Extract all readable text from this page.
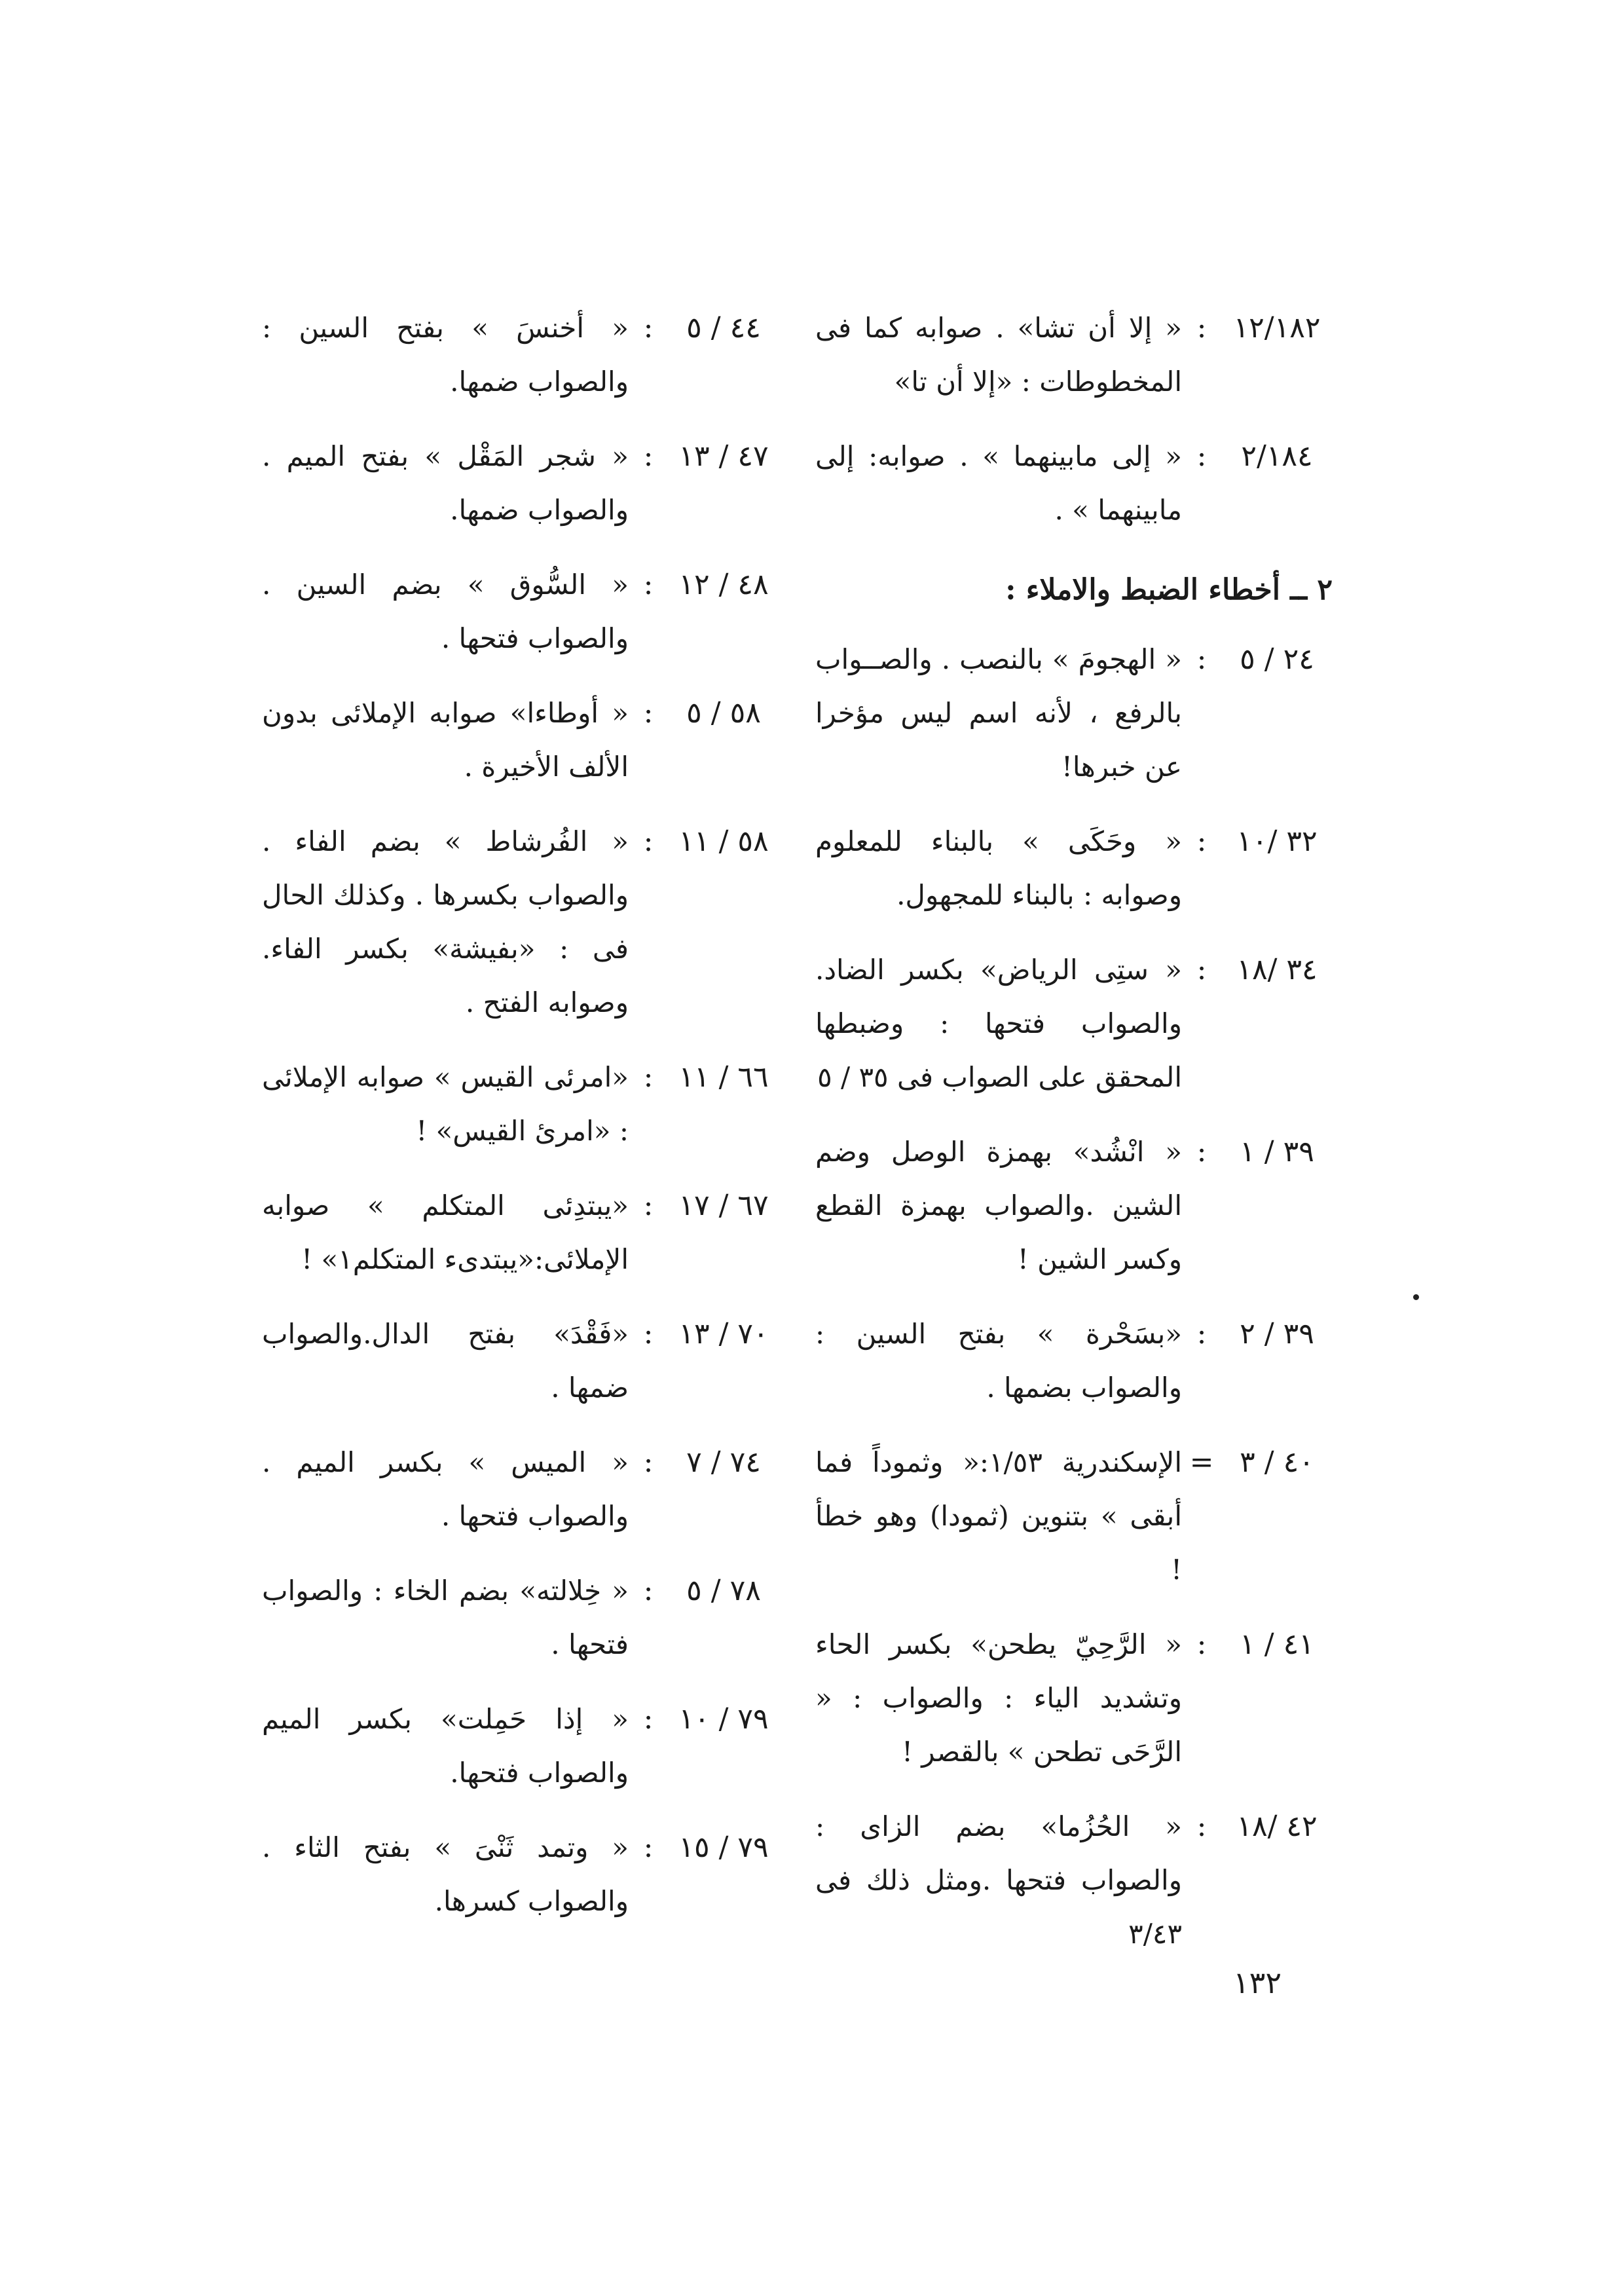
١٢/١٨٢
:
« إلا أن تشا» . صوابه كما فى المخطوطات : «إلا أن تا»
٢/١٨٤
:
« إلى مابينهما » . صوابه: إلى مابينهما » .
٢ ــ أخطاء الضبط والاملاء :
٢٤ / ٥
:
« الهجومَ » بالنصب . والصــواب بالرفع ، لأنه اسم ليس مؤخرا عن خبرها!
٣٢ /١٠
:
« وحَكَى » بالبناء للمعلوم وصوابه : بالبناء للمجهول.
٣٤ /١٨
:
« ستِى الرياض» بكسر الضاد. والصواب فتحها : وضبطها المحقق على الصواب فى ٣٥ / ٥
٣٩ / ١
:
« انْشُد» بهمزة الوصل وضم الشين .والصواب بهمزة القطع وكسر الشين !
٣٩ / ٢
:
«بسَحْرة » بفتح السين : والصواب بضمها .
٤٠ / ٣
=
الإسكندرية ١/٥٣:« وثموداً فما أبقى » بتنوين (ثمودا) وهو خطأ !
٤١ / ١
:
« الرَّحِيّ يطحن» بكسر الحاء وتشديد الياء : والصواب : « الرَّحَى تطحن » بالقصر !
٤٢ /١٨
:
« الحُزُما» بضم الزاى : والصواب فتحها .ومثل ذلك فى ٣/٤٣
٤٤ / ٥
:
« أخنسَ » بفتح السين : والصواب ضمها.
٤٧ / ١٣
:
« شجر المَقْل » بفتح الميم . والصواب ضمها.
٤٨ / ١٢
:
« السُّوق » بضم السين . والصواب فتحها .
٥٨ / ٥
:
« أوطاءا» صوابه الإملائى بدون الألف الأخيرة .
٥٨ / ١١
:
« الفُرشاط » بضم الفاء . والصواب بكسرها . وكذلك الحال فى : «بفيشة» بكسر الفاء. وصوابه الفتح .
٦٦ / ١١
:
«امرئى القيس » صوابه الإملائى : «امرئ القيس» !
٦٧ / ١٧
:
«يبتدِئى المتكلم » صوابه الإملائى:«يبتدىء المتكلم١» !
٧٠ / ١٣
:
«فَقْدَ» بفتح الدال.والصواب ضمها .
٧٤ / ٧
:
« الميس » بكسر الميم . والصواب فتحها .
٧٨ / ٥
:
« خِلالته» بضم الخاء : والصواب فتحها .
٧٩ / ١٠
:
« إذا حَمِلت» بكسر الميم والصواب فتحها.
٧٩ / ١٥
:
« وتمد ثَنْىَ » بفتح الثاء . والصواب كسرها.
١٣٢
